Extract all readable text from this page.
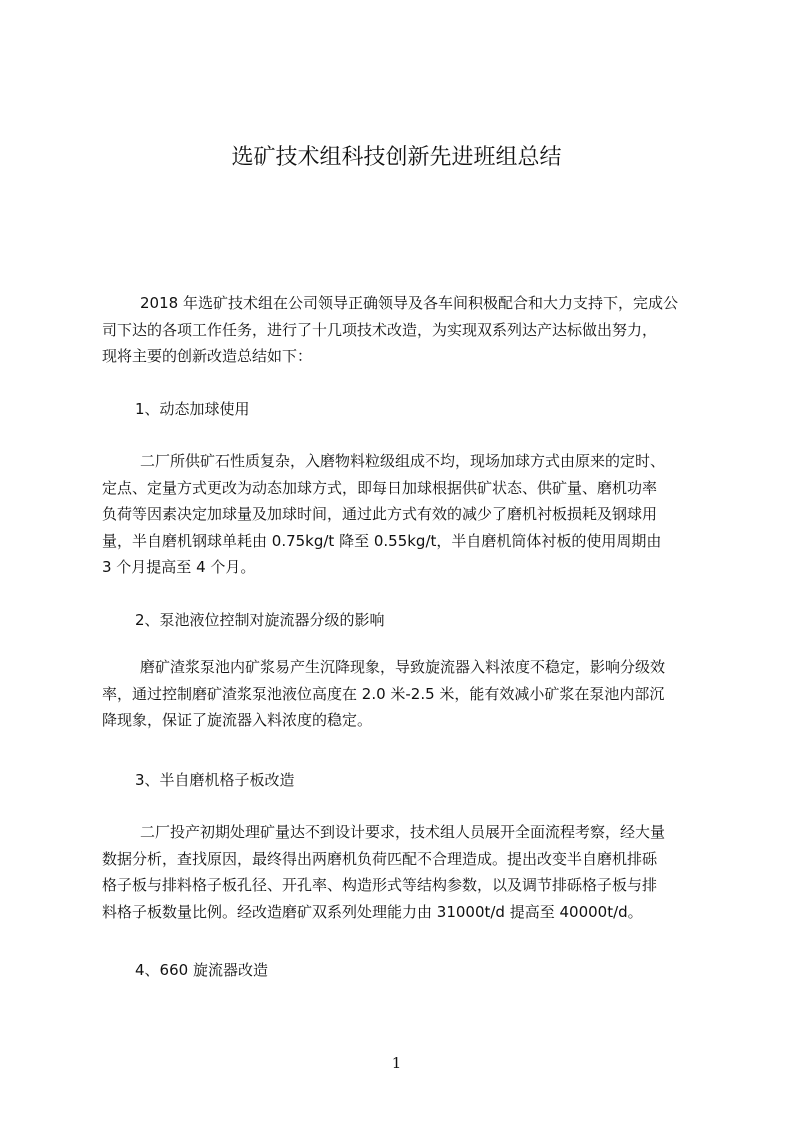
选矿技术组科技创新先进班组总结
2018 年选矿技术组在公司领导正确领导及各车间积极配合和大力支持下，完成公
司下达的各项工作任务，进行了十几项技术改造，为实现双系列达产达标做出努力，
现将主要的创新改造总结如下：
1、动态加球使用
二厂所供矿石性质复杂，入磨物料粒级组成不均，现场加球方式由原来的定时、
定点、定量方式更改为动态加球方式，即每日加球根据供矿状态、供矿量、磨机功率
负荷等因素决定加球量及加球时间，通过此方式有效的减少了磨机衬板损耗及钢球用
量，半自磨机钢球单耗由 0.75kg/t 降至 0.55kg/t，半自磨机筒体衬板的使用周期由
3 个月提高至 4 个月。
2、泵池液位控制对旋流器分级的影响
磨矿渣浆泵池内矿浆易产生沉降现象，导致旋流器入料浓度不稳定，影响分级效
率，通过控制磨矿渣浆泵池液位高度在 2.0 米-2.5 米，能有效减小矿浆在泵池内部沉
降现象，保证了旋流器入料浓度的稳定。
3、半自磨机格子板改造
二厂投产初期处理矿量达不到设计要求，技术组人员展开全面流程考察，经大量
数据分析，查找原因，最终得出两磨机负荷匹配不合理造成。提出改变半自磨机排砾
格子板与排料格子板孔径、开孔率、构造形式等结构参数，以及调节排砾格子板与排
料格子板数量比例。经改造磨矿双系列处理能力由 31000t/d 提高至 40000t/d。
4、660 旋流器改造
1
